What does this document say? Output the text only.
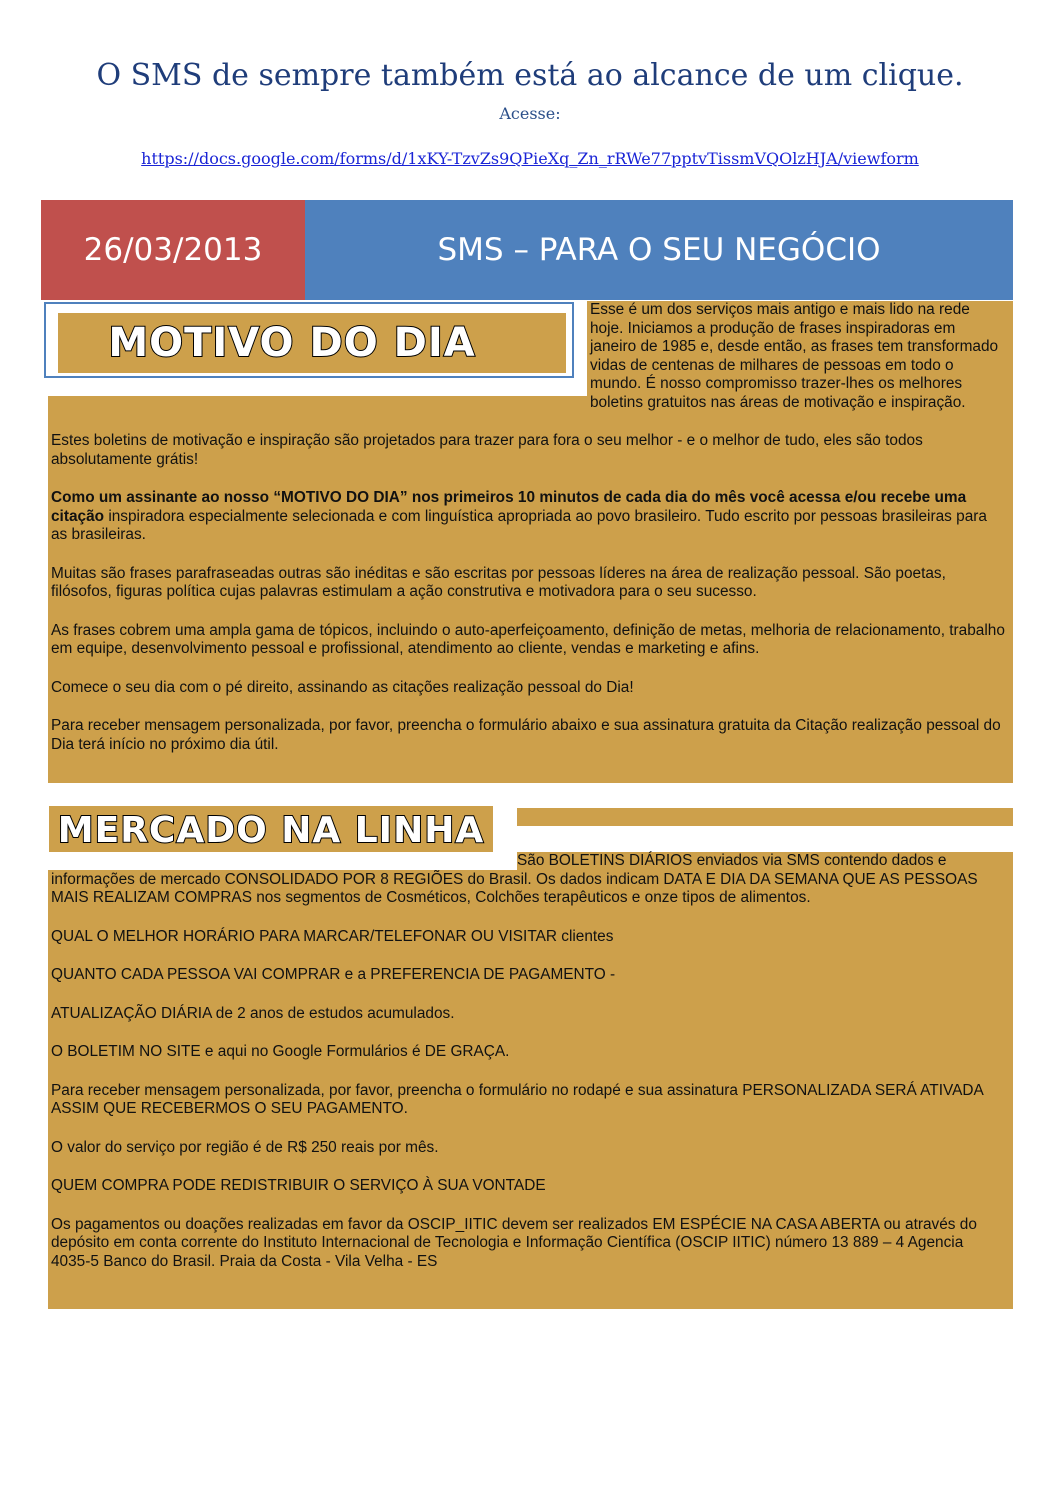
O SMS de sempre também está ao alcance de um clique.
Acesse:
https://docs.google.com/forms/d/1xKY-TzvZs9QPieXq_Zn_rRWe77pptvTissmVQOlzHJA/viewform
26/03/2013	SMS – PARA O SEU NEGÓCIO
MOTIVO DO DIA

Esse é um dos serviços mais antigo e mais lido na rede hoje. Iniciamos a produção de frases inspiradoras em janeiro de 1985 e, desde então, as frases tem transformado vidas de centenas de milhares de pessoas em todo o mundo. É nosso compromisso trazer-lhes os melhores boletins gratuitos nas áreas de motivação e inspiração.

Estes boletins de motivação e inspiração são projetados para trazer para fora o seu melhor - e o melhor de tudo, eles são todos absolutamente grátis!

Como um assinante ao nosso “MOTIVO DO DIA” nos primeiros 10 minutos de cada dia do mês você acessa e/ou recebe uma citação inspiradora especialmente selecionada e com linguística apropriada ao povo brasileiro. Tudo escrito por pessoas brasileiras para as brasileiras.

Muitas são frases parafraseadas outras são inéditas e são escritas por pessoas líderes na área de realização pessoal. São poetas, filósofos, figuras política cujas palavras estimulam a ação construtiva e motivadora para o seu sucesso.

As frases cobrem uma ampla gama de tópicos, incluindo o auto-aperfeiçoamento, definição de metas, melhoria de relacionamento, trabalho em equipe, desenvolvimento pessoal e profissional, atendimento ao cliente, vendas e marketing e afins.

Comece o seu dia com o pé direito, assinando as citações realização pessoal do Dia!

Para receber mensagem personalizada, por favor, preencha o formulário abaixo e sua assinatura gratuita da Citação realização pessoal do Dia terá início no próximo dia útil.

MERCADO NA LINHA

São BOLETINS DIÁRIOS enviados via SMS contendo dados e informações de mercado CONSOLIDADO POR 8 REGIÕES do Brasil. Os dados indicam DATA E DIA DA SEMANA QUE AS PESSOAS MAIS REALIZAM COMPRAS nos segmentos de Cosméticos, Colchões terapêuticos e onze tipos de alimentos.

QUAL O MELHOR HORÁRIO PARA MARCAR/TELEFONAR OU VISITAR clientes

QUANTO CADA PESSOA VAI COMPRAR e a PREFERENCIA DE PAGAMENTO -

ATUALIZAÇÃO DIÁRIA de 2 anos de estudos acumulados.

O BOLETIM NO SITE e aqui no Google Formulários é DE GRAÇA.

Para receber mensagem personalizada, por favor, preencha o formulário no rodapé e sua assinatura PERSONALIZADA SERÁ ATIVADA ASSIM QUE RECEBERMOS O SEU PAGAMENTO.

O valor do serviço por região é de R$ 250 reais por mês.

QUEM COMPRA PODE REDISTRIBUIR O SERVIÇO À SUA VONTADE

Os pagamentos ou doações realizadas em favor da OSCIP_IITIC devem ser realizados EM ESPÉCIE NA CASA ABERTA ou através do depósito em conta corrente do Instituto Internacional de Tecnologia e Informação Científica (OSCIP IITIC) número 13 889 – 4 Agencia 4035-5 Banco do Brasil. Praia da Costa - Vila Velha - ES
